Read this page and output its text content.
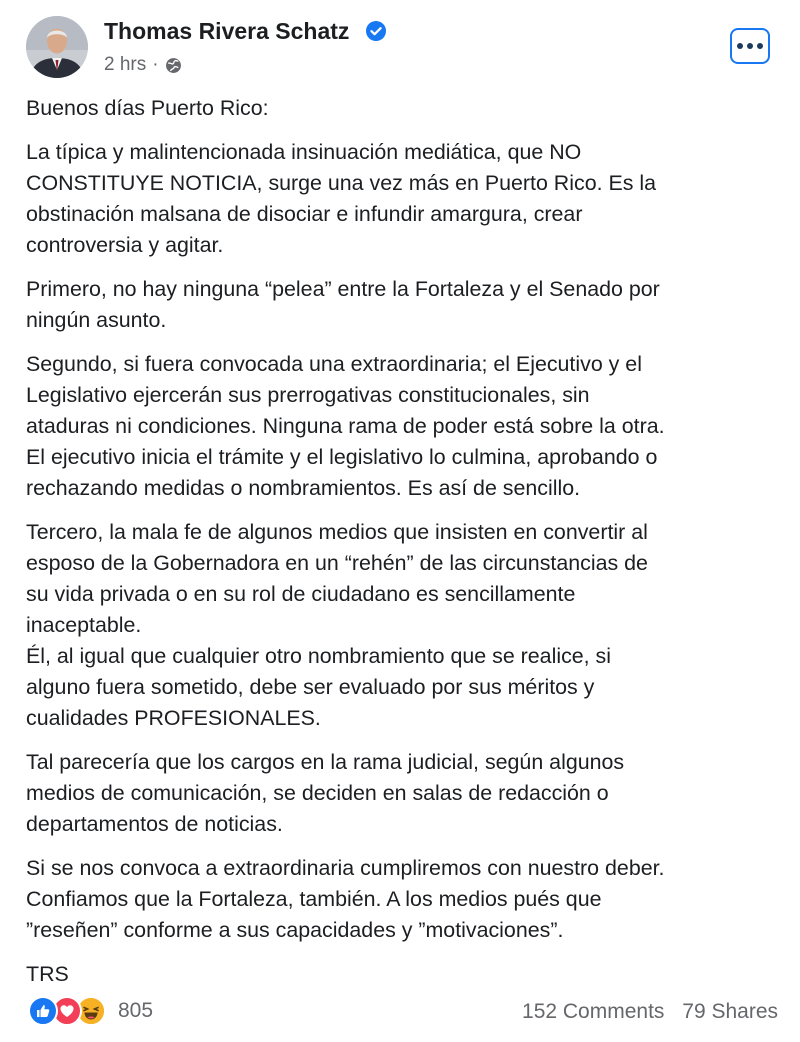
Thomas Rivera Schatz
2 hrs ·

Buenos días Puerto Rico:

La típica y malintencionada insinuación mediática, que NO
CONSTITUYE NOTICIA, surge una vez más en Puerto Rico. Es la
obstinación malsana de disociar e infundir amargura, crear
controversia y agitar.

Primero, no hay ninguna “pelea” entre la Fortaleza y el Senado por
ningún asunto.

Segundo, si fuera convocada una extraordinaria; el Ejecutivo y el
Legislativo ejercerán sus prerrogativas constitucionales, sin
ataduras ni condiciones. Ninguna rama de poder está sobre la otra.
El ejecutivo inicia el trámite y el legislativo lo culmina, aprobando o
rechazando medidas o nombramientos. Es así de sencillo.

Tercero, la mala fe de algunos medios que insisten en convertir al
esposo de la Gobernadora en un “rehén” de las circunstancias de
su vida privada o en su rol de ciudadano es sencillamente
inaceptable.
Él, al igual que cualquier otro nombramiento que se realice, si
alguno fuera sometido, debe ser evaluado por sus méritos y
cualidades PROFESIONALES.

Tal parecería que los cargos en la rama judicial, según algunos
medios de comunicación, se deciden en salas de redacción o
departamentos de noticias.

Si se nos convoca a extraordinaria cumpliremos con nuestro deber.
Confiamos que la Fortaleza, también. A los medios pués que
”reseñen” conforme a sus capacidades y ”motivaciones”.

TRS

805	152 Comments 79 Shares
